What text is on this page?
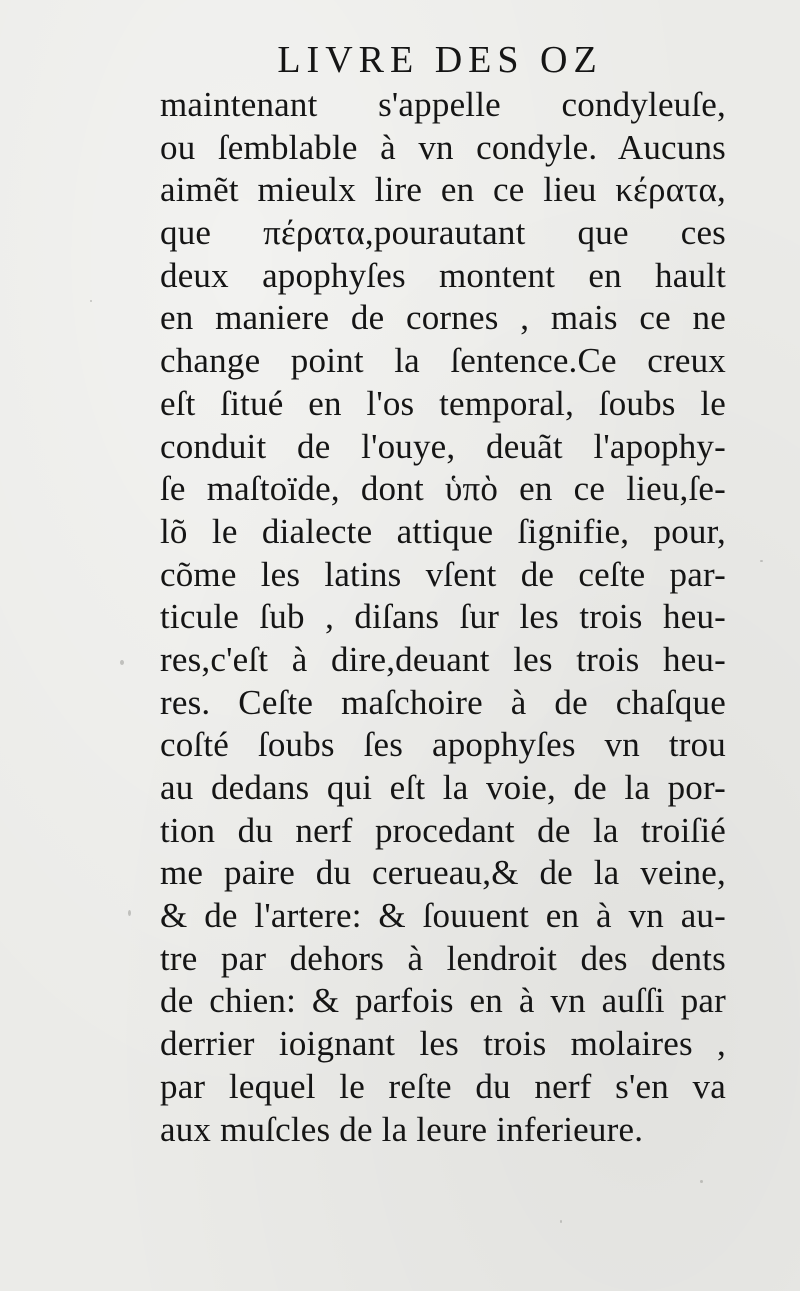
LIVRE DES OZ
maintenant s'appelle condyleuſe,
ou ſemblable à vn condyle. Aucuns
aimẽt mieulx lire en ce lieu κέρατα,
que πέρατα,pourautant que ces
deux apophyſes montent en hault
en maniere de cornes , mais ce ne
change point la ſentence.Ce creux
eſt ſitué en l'os temporal, ſoubs le
conduit de l'ouye, deuãt l'apophy-
ſe maſtoïde, dont ὑπὸ en ce lieu,ſe-
lõ le dialecte attique ſignifie, pour,
cõme les latins vſent de ceſte par-
ticule ſub , diſans ſur les trois heu-
res,c'eſt à dire,deuant les trois heu-
res. Ceſte maſchoire à de chaſque
coſté ſoubs ſes apophyſes vn trou
au dedans qui eſt la voie, de la por-
tion du nerf procedant de la troiſié
me paire du cerueau,& de la veine,
& de l'artere: & ſouuent en à vn au-
tre par dehors à lendroit des dents
de chien: & parfois en à vn auſſi par
derrier ioignant les trois molaires ,
par lequel le reſte du nerf s'en va
aux muſcles de la leure inferieure.
